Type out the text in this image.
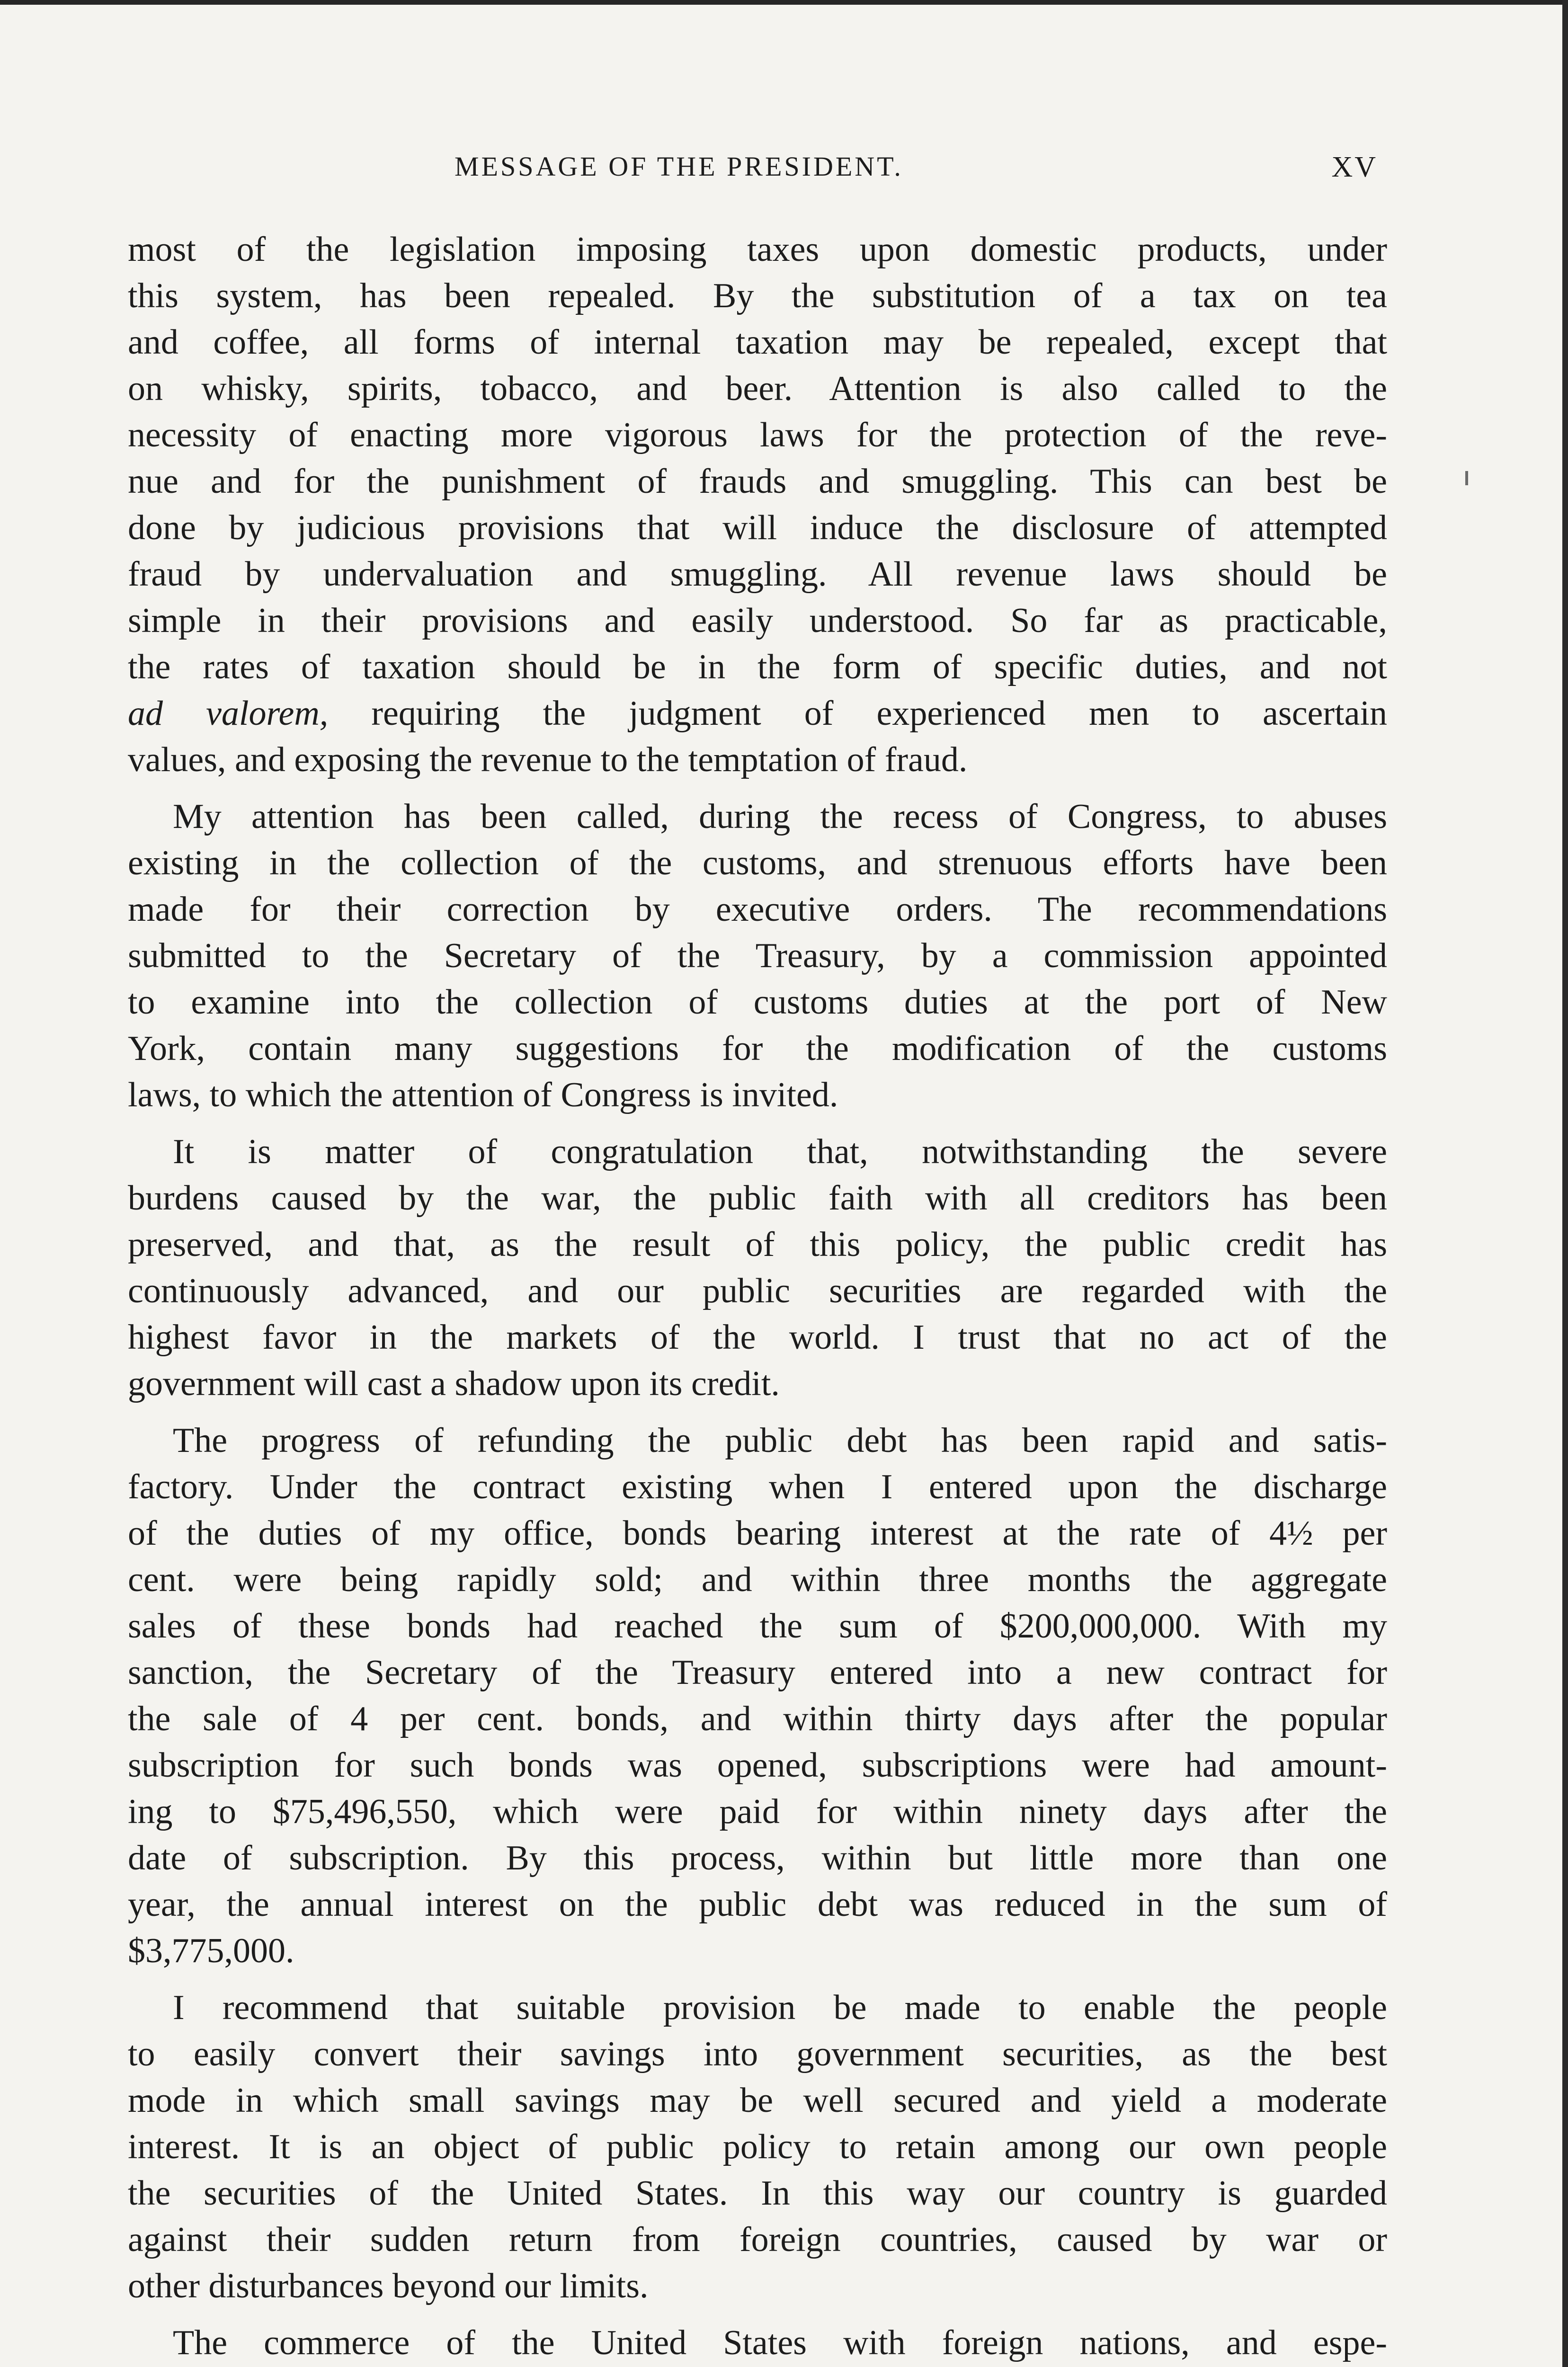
MESSAGE OF THE PRESIDENT.	XV
most of the legislation imposing taxes upon domestic products, under
this system, has been repealed. By the substitution of a tax on tea
and coffee, all forms of internal taxation may be repealed, except that
on whisky, spirits, tobacco, and beer. Attention is also called to the
necessity of enacting more vigorous laws for the protection of the reve-
nue and for the punishment of frauds and smuggling. This can best be
done by judicious provisions that will induce the disclosure of attempted
fraud by undervaluation and smuggling. All revenue laws should be
simple in their provisions and easily understood. So far as practicable,
the rates of taxation should be in the form of specific duties, and not
ad valorem, requiring the judgment of experienced men to ascertain
values, and exposing the revenue to the temptation of fraud.
My attention has been called, during the recess of Congress, to abuses
existing in the collection of the customs, and strenuous efforts have been
made for their correction by executive orders. The recommendations
submitted to the Secretary of the Treasury, by a commission appointed
to examine into the collection of customs duties at the port of New
York, contain many suggestions for the modification of the customs
laws, to which the attention of Congress is invited.
It is matter of congratulation that, notwithstanding the severe
burdens caused by the war, the public faith with all creditors has been
preserved, and that, as the result of this policy, the public credit has
continuously advanced, and our public securities are regarded with the
highest favor in the markets of the world. I trust that no act of the
government will cast a shadow upon its credit.
The progress of refunding the public debt has been rapid and satis-
factory. Under the contract existing when I entered upon the discharge
of the duties of my office, bonds bearing interest at the rate of 4½ per
cent. were being rapidly sold; and within three months the aggregate
sales of these bonds had reached the sum of $200,000,000. With my
sanction, the Secretary of the Treasury entered into a new contract for
the sale of 4 per cent. bonds, and within thirty days after the popular
subscription for such bonds was opened, subscriptions were had amount-
ing to $75,496,550, which were paid for within ninety days after the
date of subscription. By this process, within but little more than one
year, the annual interest on the public debt was reduced in the sum of
$3,775,000.
I recommend that suitable provision be made to enable the people
to easily convert their savings into government securities, as the best
mode in which small savings may be well secured and yield a moderate
interest. It is an object of public policy to retain among our own people
the securities of the United States. In this way our country is guarded
against their sudden return from foreign countries, caused by war or
other disturbances beyond our limits.
The commerce of the United States with foreign nations, and espe-
